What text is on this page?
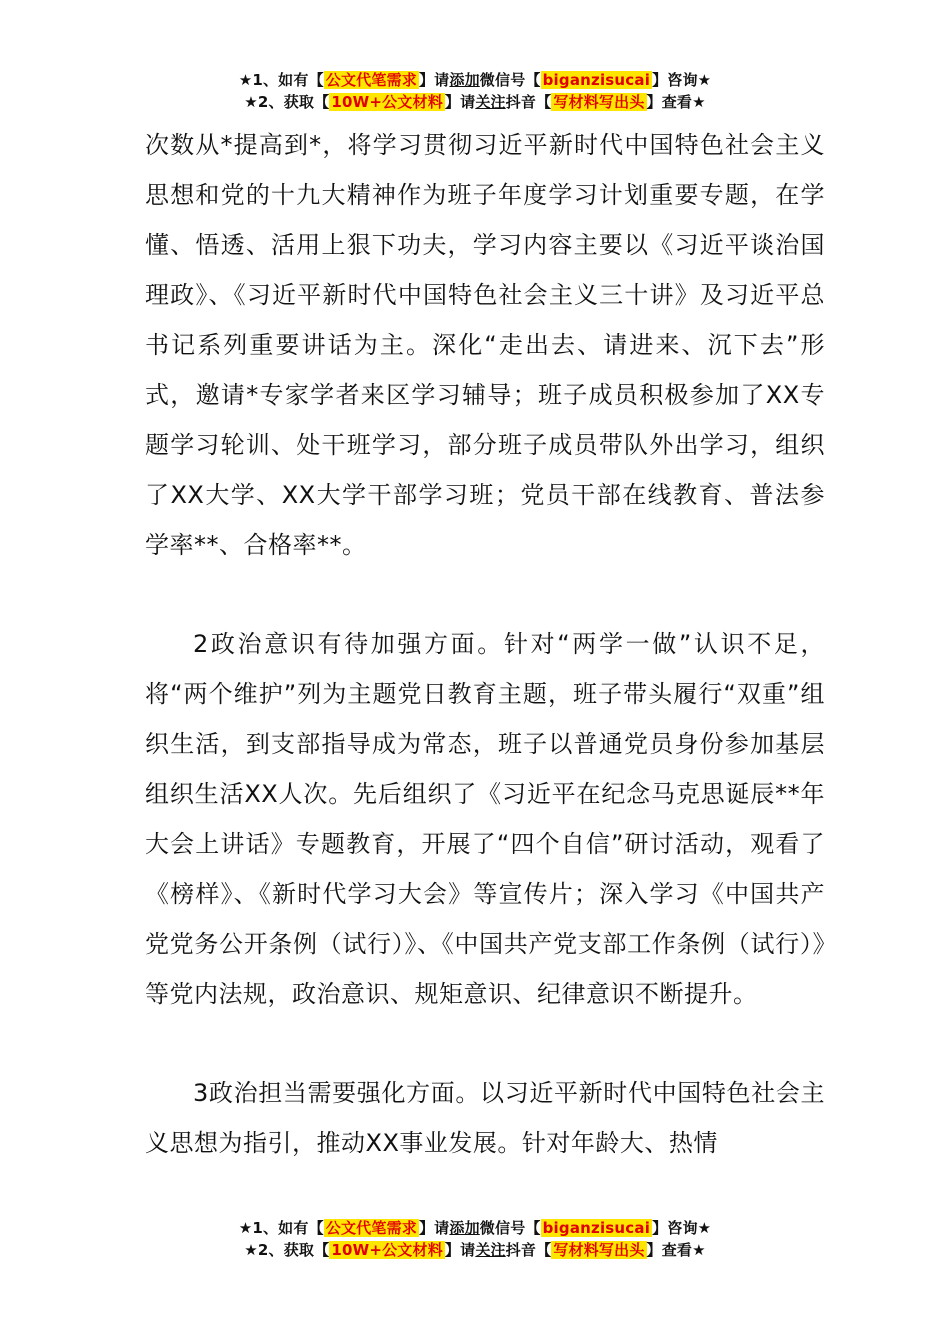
★1、如有【 公文代笔需求 】请添加微信号【 biganzisucai 】咨询★
★2、获取【 10W+公文材料 】请关注抖音【 写材料写出头 】查看★

次数从*提高到*，将学习贯彻习近平新时代中国特色社会主义思想和党的十九大精神作为班子年度学习计划重要专题，在学懂、悟透、活用上狠下功夫，学习内容主要以《习近平谈治国理政》、《习近平新时代中国特色社会主义三十讲》及习近平总书记系列重要讲话为主。深化“走出去、请进来、沉下去”形式，邀请*专家学者来区学习辅导；班子成员积极参加了XX专题学习轮训、处干班学习，部分班子成员带队外出学习，组织了XX大学、XX大学干部学习班；党员干部在线教育、普法参学率**、合格率**。

2政治意识有待加强方面。针对“两学一做”认识不足，将“两个维护”列为主题党日教育主题，班子带头履行“双重”组织生活，到支部指导成为常态，班子以普通党员身份参加基层组织生活XX人次。先后组织了《习近平在纪念马克思诞辰**年大会上讲话》专题教育，开展了“四个自信”研讨活动，观看了《榜样》、《新时代学习大会》等宣传片；深入学习《中国共产党党务公开条例（试行）》、《中国共产党支部工作条例（试行）》等党内法规，政治意识、规矩意识、纪律意识不断提升。

3政治担当需要强化方面。以习近平新时代中国特色社会主义思想为指引，推动XX事业发展。针对年龄大、热情

★1、如有【 公文代笔需求 】请添加微信号【 biganzisucai 】咨询★
★2、获取【 10W+公文材料 】请关注抖音【 写材料写出头 】查看★
